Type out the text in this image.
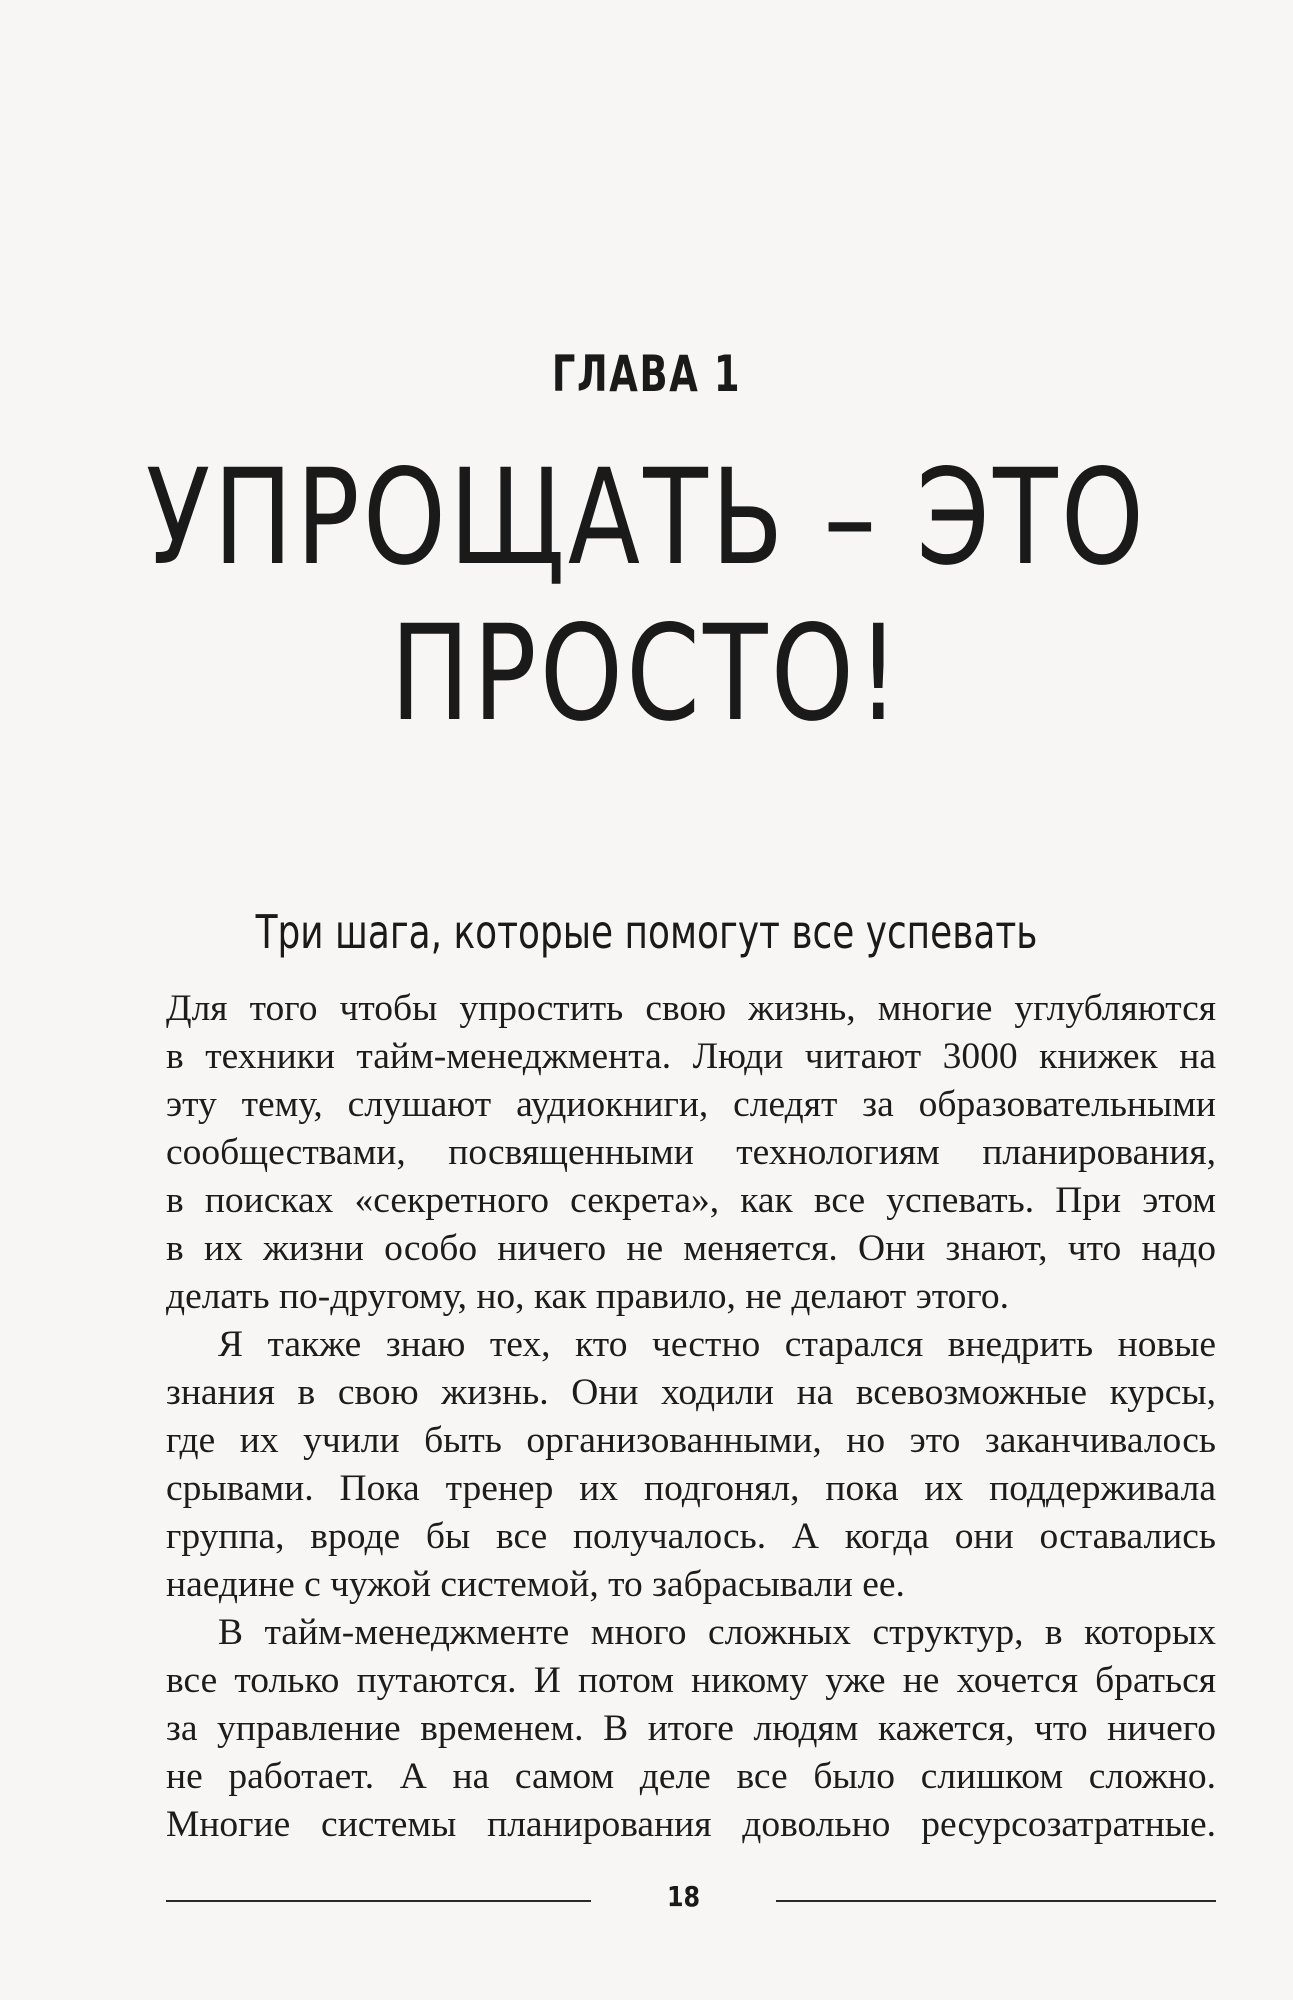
ГЛАВА 1
УПРОЩАТЬ – ЭТО
ПРОСТО!
Три шага, которые помогут все успевать
Для того чтобы упростить свою жизнь, многие углубляются
в техники тайм-менеджмента. Люди читают 3000 книжек на
эту тему, слушают аудиокниги, следят за образовательными
сообществами, посвященными технологиям планирования,
в поисках «секретного секрета», как все успевать. При этом
в их жизни особо ничего не меняется. Они знают, что надо
делать по-другому, но, как правило, не делают этого.
Я также знаю тех, кто честно старался внедрить новые
знания в свою жизнь. Они ходили на всевозможные курсы,
где их учили быть организованными, но это заканчивалось
срывами. Пока тренер их подгонял, пока их поддерживала
группа, вроде бы все получалось. А когда они оставались
наедине с чужой системой, то забрасывали ее.
В тайм-менеджменте много сложных структур, в которых
все только путаются. И потом никому уже не хочется браться
за управление временем. В итоге людям кажется, что ничего
не работает. А на самом деле все было слишком сложно.
Многие системы планирования довольно ресурсозатратные.
18
